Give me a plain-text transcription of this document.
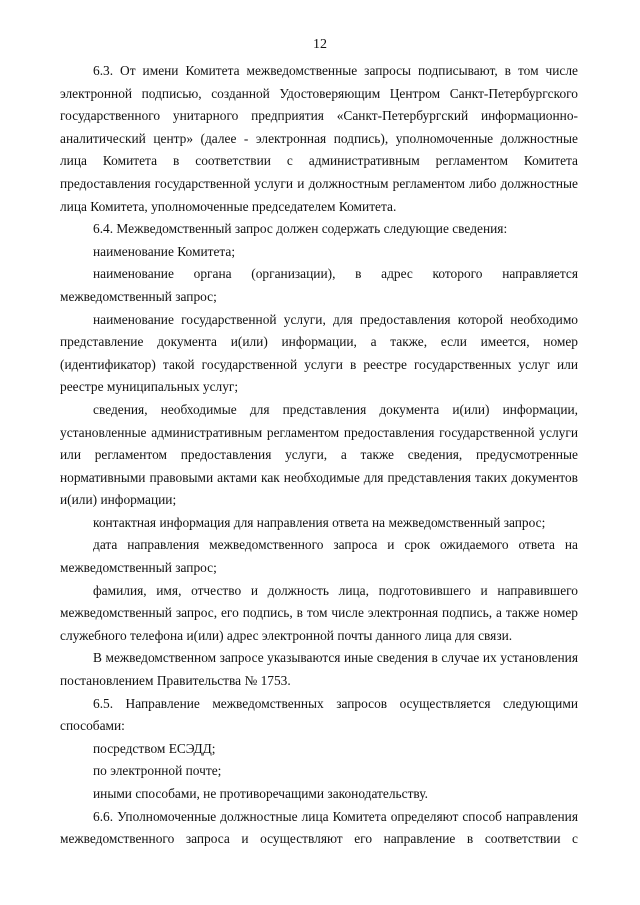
12

6.3. От имени Комитета межведомственные запросы подписывают, в том числе электронной подписью, созданной Удостоверяющим Центром Санкт-Петербургского государственного унитарного предприятия «Санкт-Петербургский информационно-аналитический центр» (далее - электронная подпись), уполномоченные должностные лица Комитета в соответствии с административным регламентом Комитета предоставления государственной услуги и должностным регламентом либо должностные лица Комитета, уполномоченные председателем Комитета.

6.4. Межведомственный запрос должен содержать следующие сведения:

наименование Комитета;

наименование органа (организации), в адрес которого направляется межведомственный запрос;

наименование государственной услуги, для предоставления которой необходимо представление документа и(или) информации, а также, если имеется, номер (идентификатор) такой государственной услуги в реестре государственных услуг или реестре муниципальных услуг;

сведения, необходимые для представления документа и(или) информации, установленные административным регламентом предоставления государственной услуги или регламентом предоставления услуги, а также сведения, предусмотренные нормативными правовыми актами как необходимые для представления таких документов и(или) информации;

контактная информация для направления ответа на межведомственный запрос;

дата направления межведомственного запроса и срок ожидаемого ответа на межведомственный запрос;

фамилия, имя, отчество и должность лица, подготовившего и направившего межведомственный запрос, его подпись, в том числе электронная подпись, а также номер служебного телефона и(или) адрес электронной почты данного лица для связи.

В межведомственном запросе указываются иные сведения в случае их установления постановлением Правительства № 1753.

6.5. Направление межведомственных запросов осуществляется следующими способами:

посредством ЕСЭДД;

по электронной почте;

иными способами, не противоречащими законодательству.

6.6. Уполномоченные должностные лица Комитета определяют способ направления межведомственного запроса и осуществляют его направление в соответствии с
